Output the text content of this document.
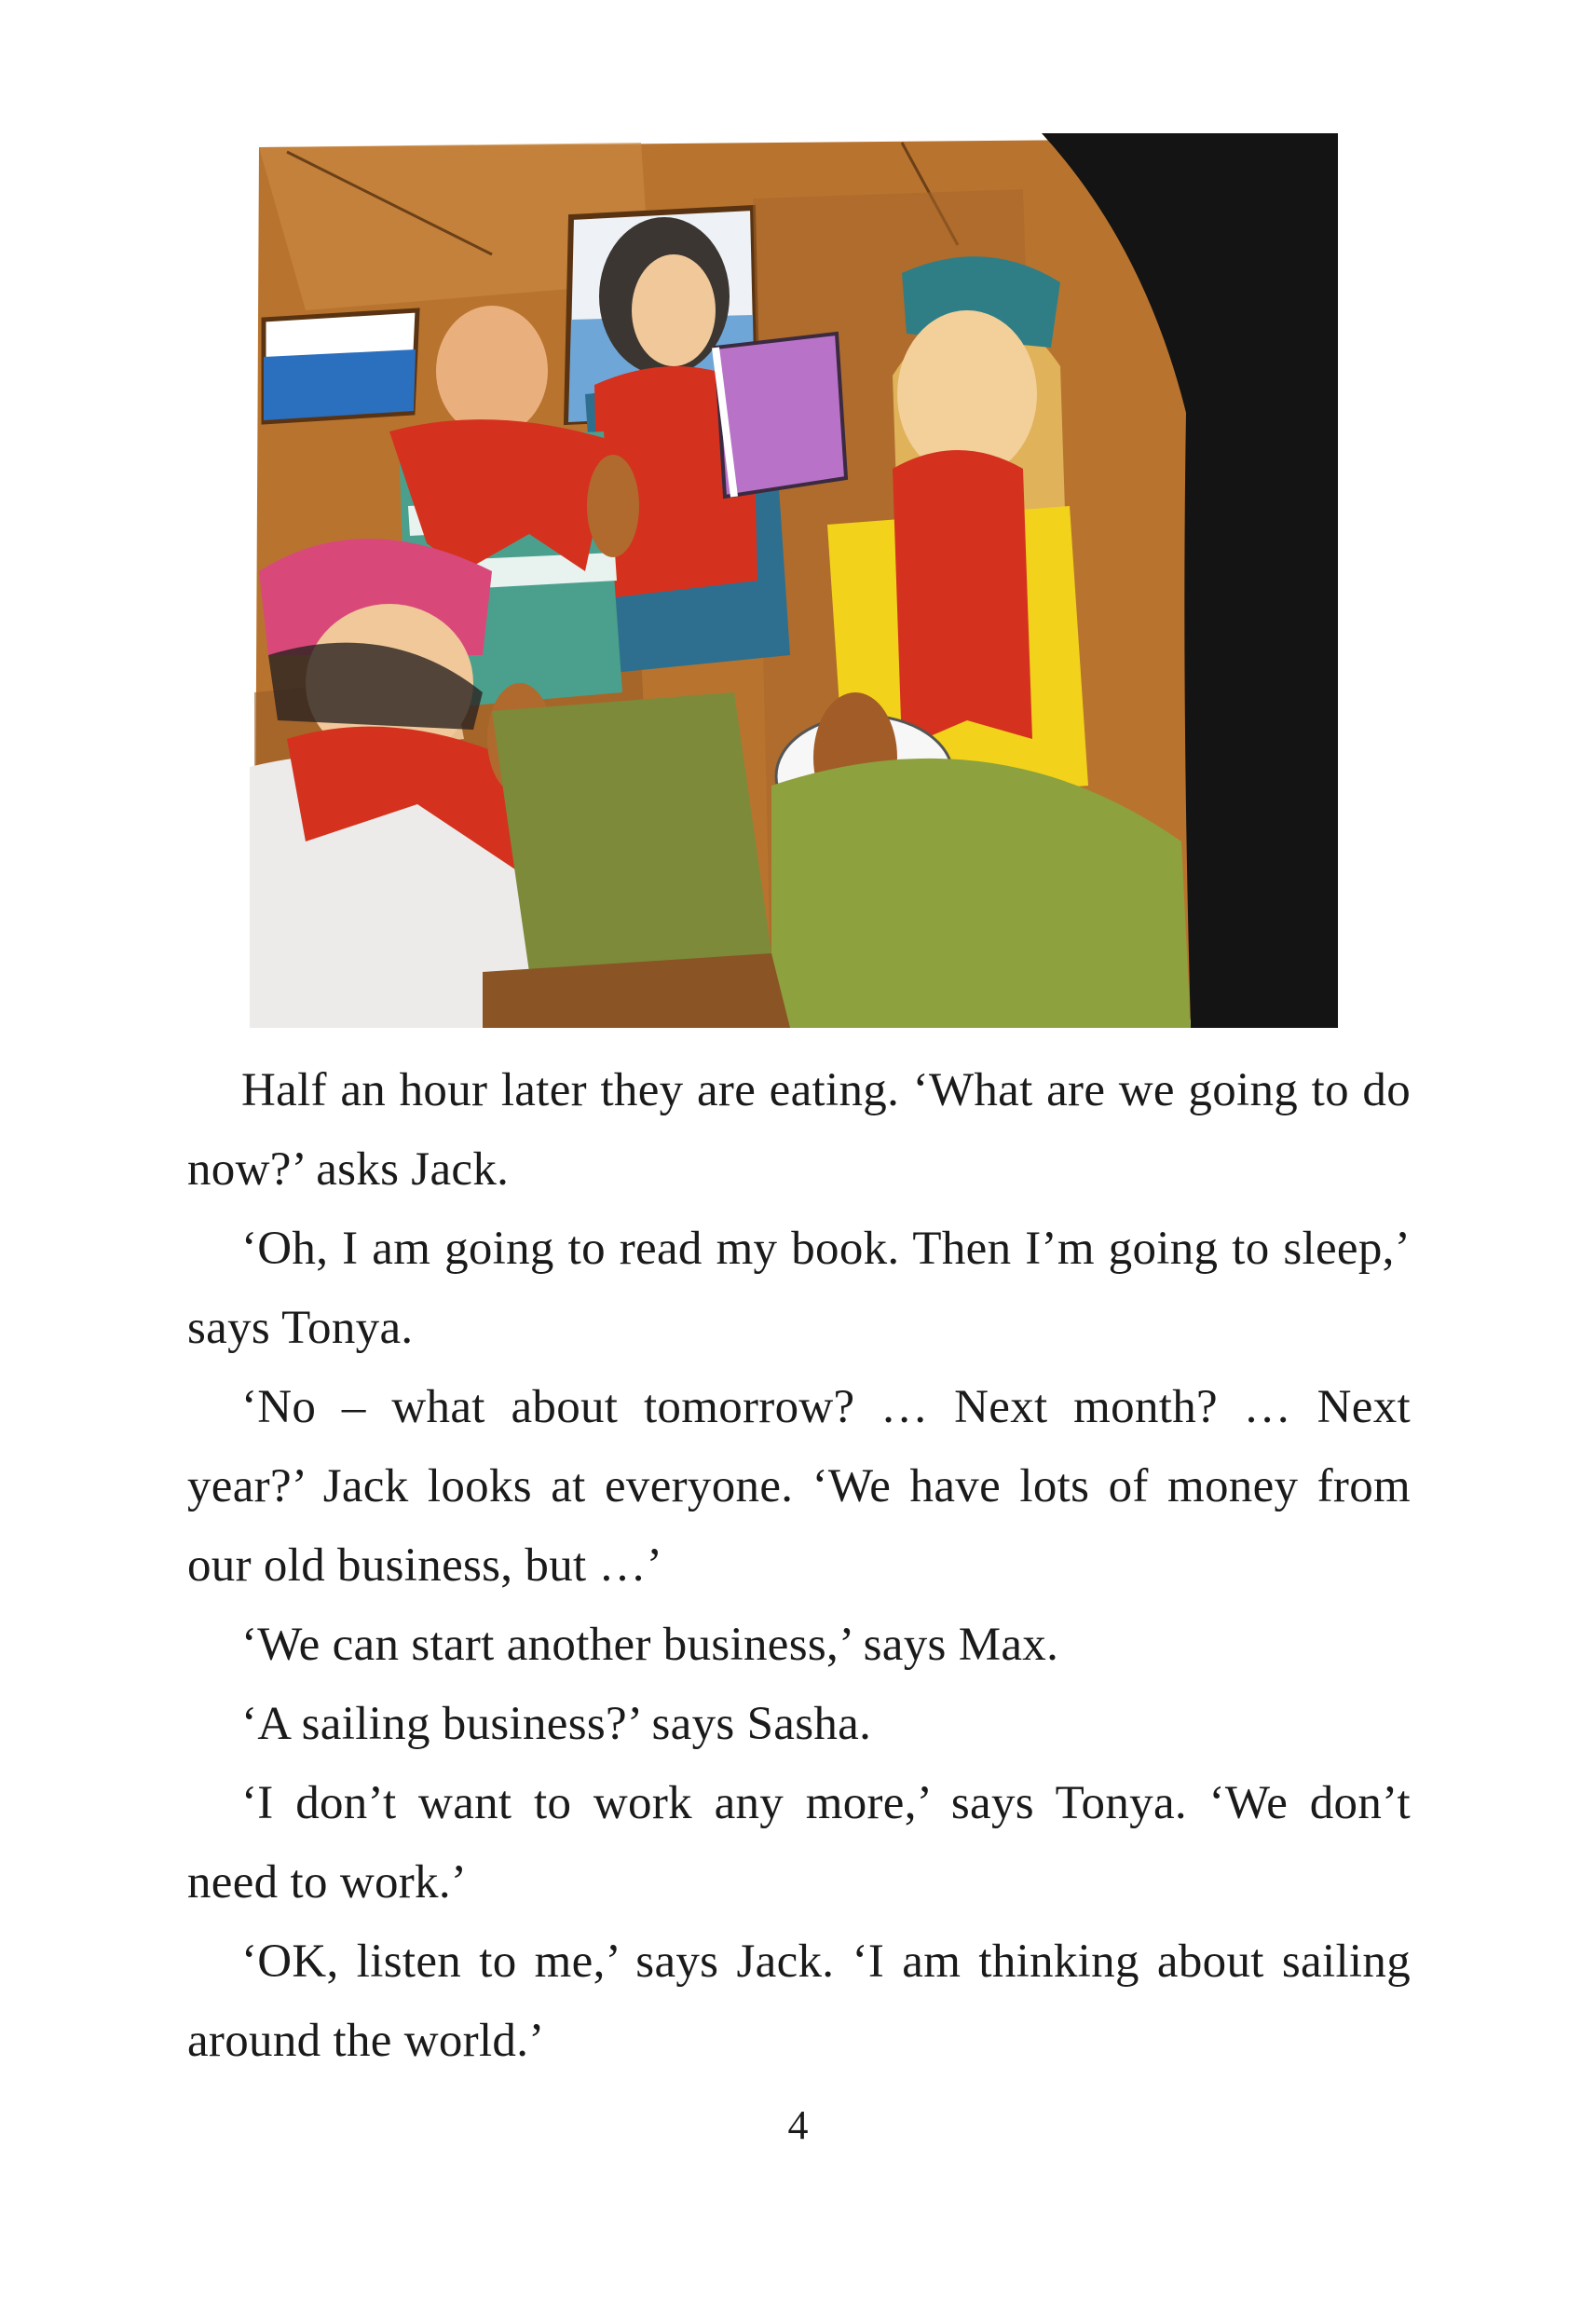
Half an hour later they are eating. ‘What are we going to do now?’ asks Jack.

‘Oh, I am going to read my book. Then I’m going to sleep,’ says Tonya.

‘No – what about tomorrow? … Next month? … Next year?’ Jack looks at everyone. ‘We have lots of money from our old business, but …’

‘We can start another business,’ says Max.

‘A sailing business?’ says Sasha.

‘I don’t want to work any more,’ says Tonya. ‘We don’t need to work.’

‘OK, listen to me,’ says Jack. ‘I am thinking about sailing around the world.’

4
